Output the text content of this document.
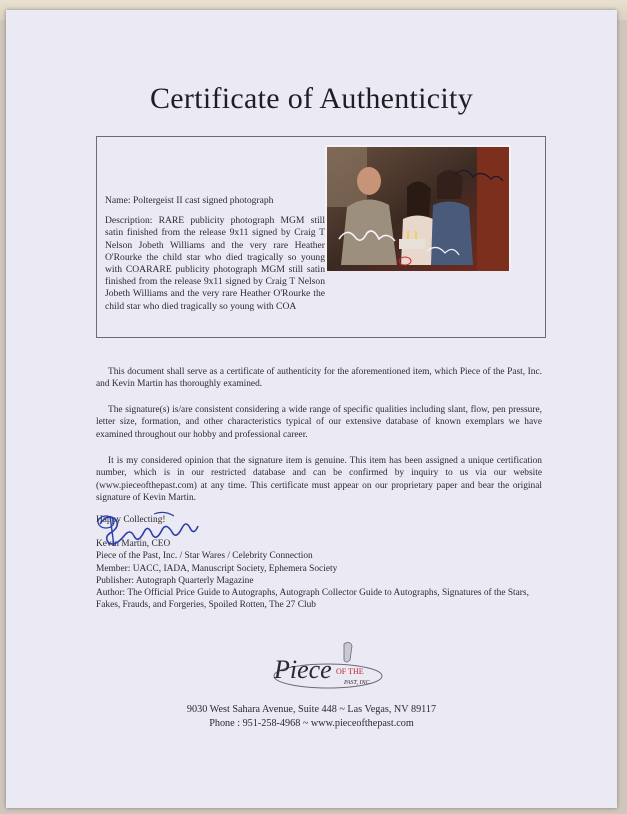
Certificate of Authenticity

Name: Poltergeist II cast signed photograph

Description: RARE publicity photograph MGM still satin finished from the release 9x11 signed by Craig T Nelson Jobeth Williams and the very rare Heather O'Rourke the child star who died tragically so young with COARARE publicity photograph MGM still satin finished from the release 9x11 signed by Craig T Nelson Jobeth Williams and the very rare Heather O'Rourke the child star who died tragically so young with COA

This document shall serve as a certificate of authenticity for the aforementioned item, which Piece of the Past, Inc. and Kevin Martin has thoroughly examined.

The signature(s) is/are consistent considering a wide range of specific qualities including slant, flow, pen pressure, letter size, formation, and other characteristics typical of our extensive database of known exemplars we have examined throughout our hobby and professional career.

It is my considered opinion that the signature item is genuine. This item has been assigned a unique certification number, which is in our restricted database and can be confirmed by inquiry to us via our website (www.pieceofthepast.com) at any time. This certificate must appear on our proprietary paper and bear the original signature of Kevin Martin.

Happy Collecting!
Kevin Martin, CEO
Piece of the Past, Inc. / Star Wares / Celebrity Connection
Member: UACC, IADA, Manuscript Society, Ephemera Society
Publisher: Autograph Quarterly Magazine
Author: The Official Price Guide to Autographs, Autograph Collector Guide to Autographs, Signatures of the Stars, Fakes, Frauds, and Forgeries, Spoiled Rotten, The 27 Club
Piece OF THE
PAST, INC.
9030 West Sahara Avenue, Suite 448 ~ Las Vegas, NV 89117
Phone : 951-258-4968 ~ www.pieceofthepast.com
